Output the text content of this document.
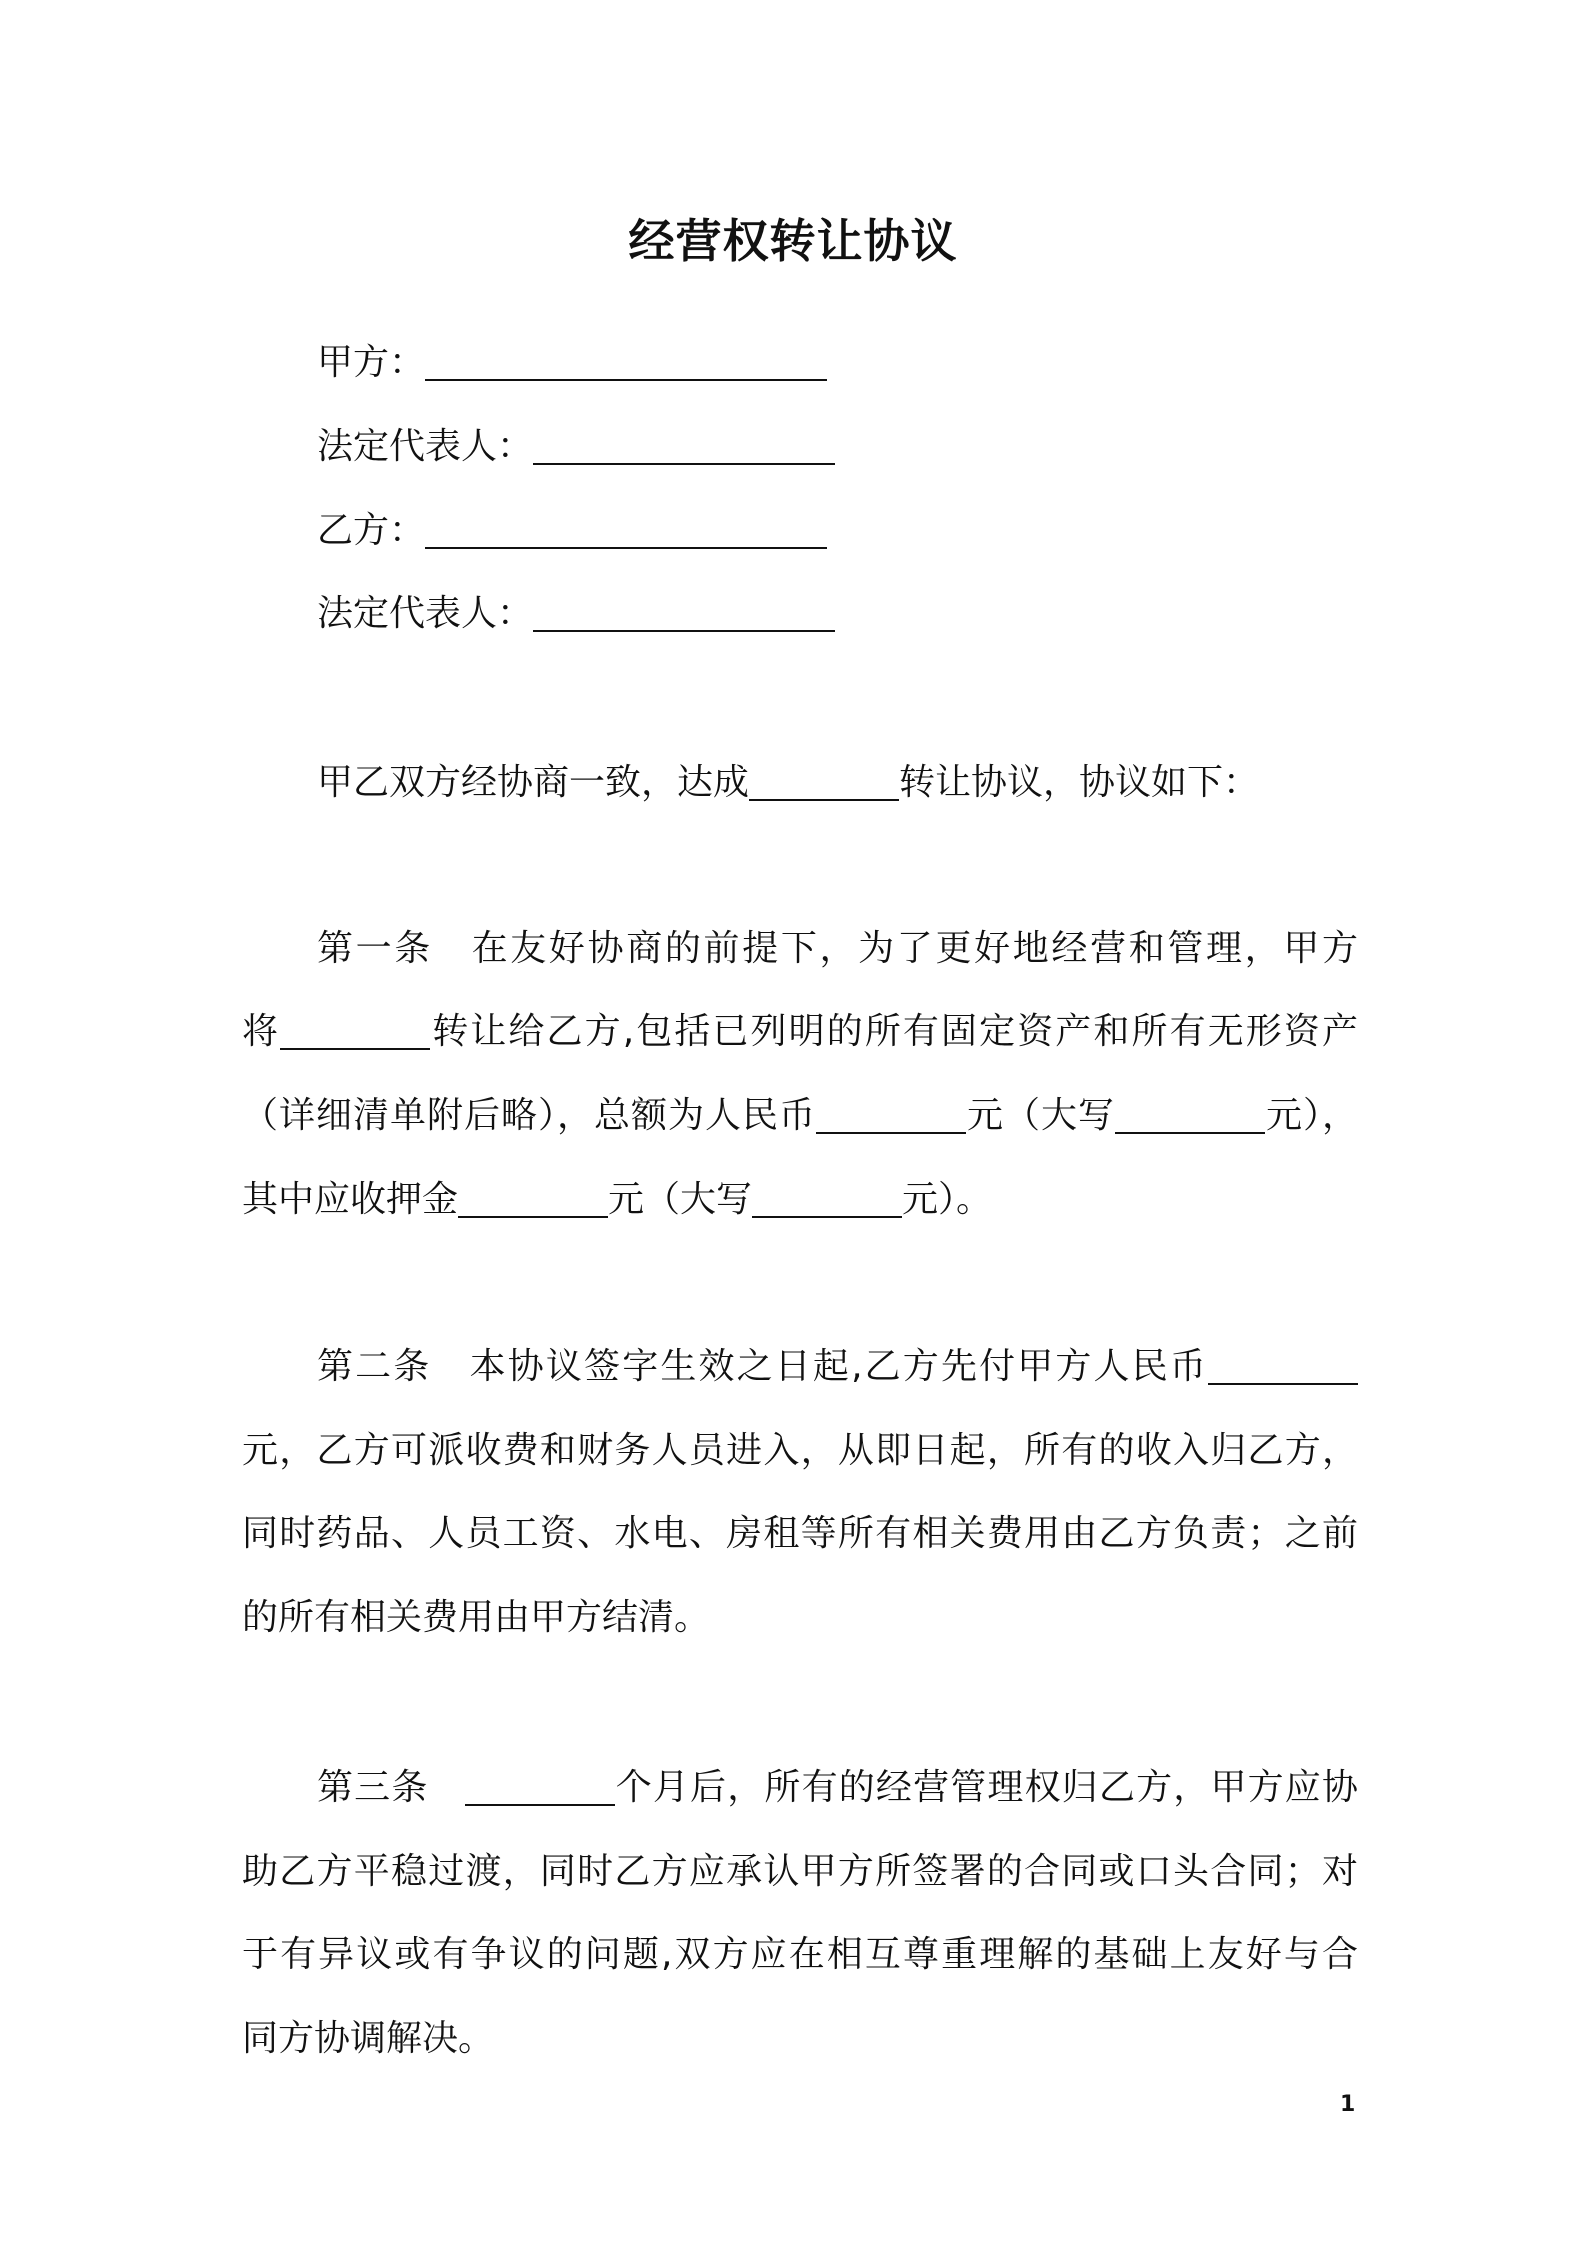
经营权转让协议
甲方：
法定代表人：
乙方：
法定代表人：
甲乙双方经协商一致，达成	转让协议，协议如下：
第一条 在友好协商的前提下，为了更好地经营和管理，甲方
将	转让给乙方,包括已列明的所有固定资产和所有无形资产
（详细清单附后略），总额为人民币	元（大写	元），
其中应收押金	元（大写	元）。
第二条 本协议签字生效之日起,乙方先付甲方人民币
元，乙方可派收费和财务人员进入，从即日起，所有的收入归乙方，
同时药品、人员工资、水电、房租等所有相关费用由乙方负责；之前
的所有相关费用由甲方结清。
第三条	个月后，所有的经营管理权归乙方，甲方应协
助乙方平稳过渡，同时乙方应承认甲方所签署的合同或口头合同；对
于有异议或有争议的问题,双方应在相互尊重理解的基础上友好与合
同方协调解决。
1
